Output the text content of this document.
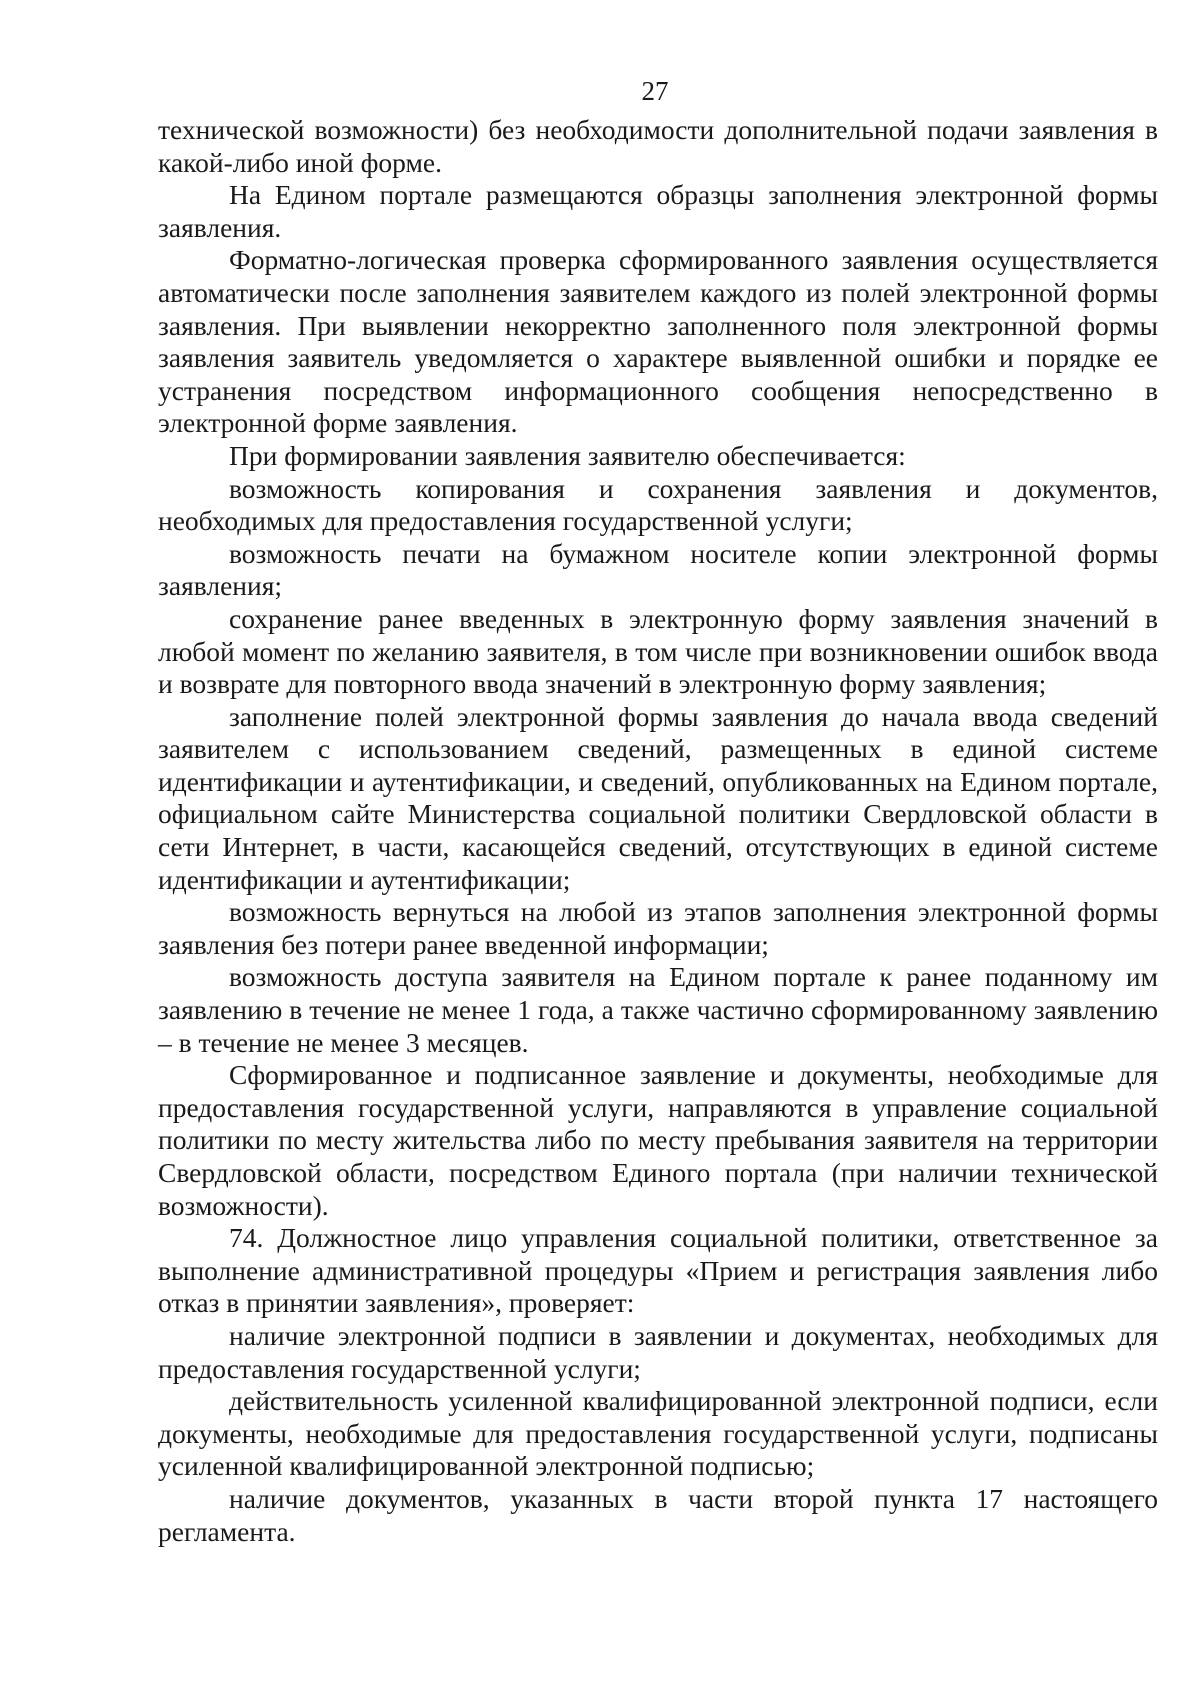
27

технической возможности) без необходимости дополнительной подачи заявления в какой-либо иной форме.

На Едином портале размещаются образцы заполнения электронной формы заявления.

Форматно-логическая проверка сформированного заявления осуществляется автоматически после заполнения заявителем каждого из полей электронной формы заявления. При выявлении некорректно заполненного поля электронной формы заявления заявитель уведомляется о характере выявленной ошибки и порядке ее устранения посредством информационного сообщения непосредственно в электронной форме заявления.

При формировании заявления заявителю обеспечивается:

возможность копирования и сохранения заявления и документов, необходимых для предоставления государственной услуги;

возможность печати на бумажном носителе копии электронной формы заявления;

сохранение ранее введенных в электронную форму заявления значений в любой момент по желанию заявителя, в том числе при возникновении ошибок ввода и возврате для повторного ввода значений в электронную форму заявления;

заполнение полей электронной формы заявления до начала ввода сведений заявителем с использованием сведений, размещенных в единой системе идентификации и аутентификации, и сведений, опубликованных на Едином портале, официальном сайте Министерства социальной политики Свердловской области в сети Интернет, в части, касающейся сведений, отсутствующих в единой системе идентификации и аутентификации;

возможность вернуться на любой из этапов заполнения электронной формы заявления без потери ранее введенной информации;

возможность доступа заявителя на Едином портале к ранее поданному им заявлению в течение не менее 1 года, а также частично сформированному заявлению – в течение не менее 3 месяцев.

Сформированное и подписанное заявление и документы, необходимые для предоставления государственной услуги, направляются в управление социальной политики по месту жительства либо по месту пребывания заявителя на территории Свердловской области, посредством Единого портала (при наличии технической возможности).

74. Должностное лицо управления социальной политики, ответственное за выполнение административной процедуры «Прием и регистрация заявления либо отказ в принятии заявления», проверяет:

наличие электронной подписи в заявлении и документах, необходимых для предоставления государственной услуги;

действительность усиленной квалифицированной электронной подписи, если документы, необходимые для предоставления государственной услуги, подписаны усиленной квалифицированной электронной подписью;

наличие документов, указанных в части второй пункта 17 настоящего регламента.
